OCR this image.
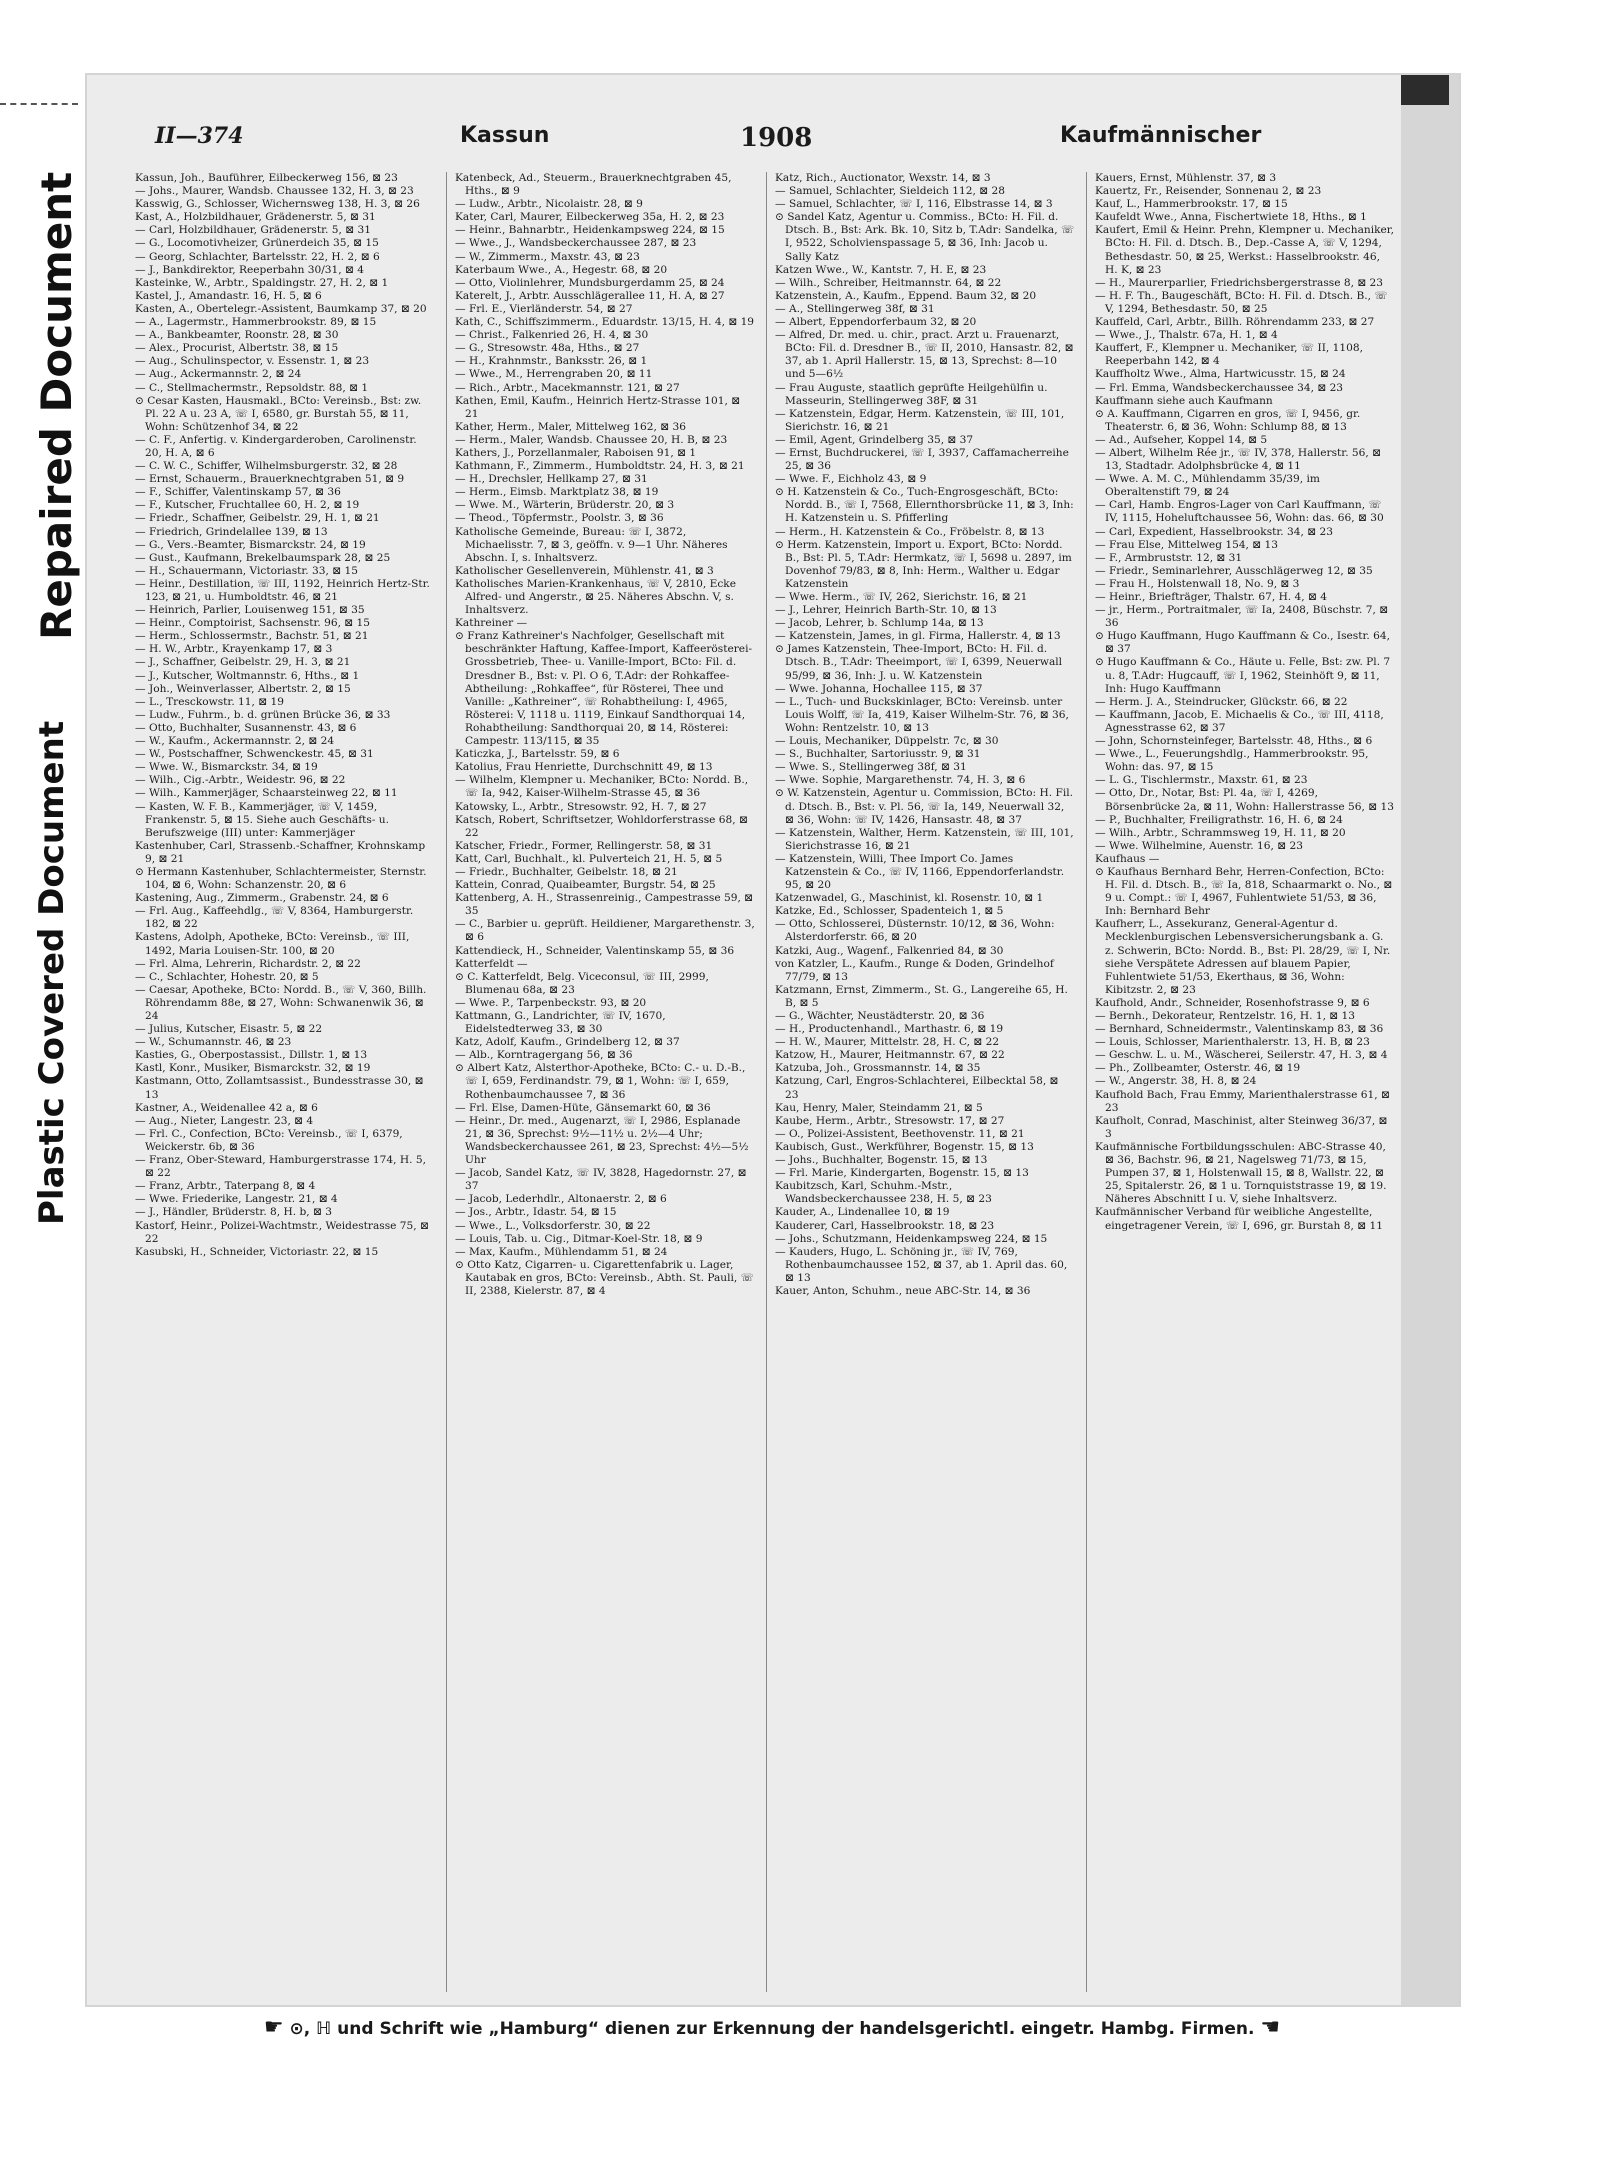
Repaired Document
Plastic Covered Document
II—374	Kassun	1908	Kaufmännischer

Kassun, Joh., Bauführer, Eilbeckerweg 156, ⊠ 23

— Johs., Maurer, Wandsb. Chaussee 132, H. 3, ⊠ 23

Kasswig, G., Schlosser, Wichernsweg 138, H. 3, ⊠ 26

Kast, A., Holzbildhauer, Grädenerstr. 5, ⊠ 31

— Carl, Holzbildhauer, Grädenerstr. 5, ⊠ 31

— G., Locomotivheizer, Grünerdeich 35, ⊠ 15

— Georg, Schlachter, Bartelsstr. 22, H. 2, ⊠ 6

— J., Bankdirektor, Reeperbahn 30/31, ⊠ 4

Kasteinke, W., Arbtr., Spaldingstr. 27, H. 2, ⊠ 1

Kastel, J., Amandastr. 16, H. 5, ⊠ 6

Kasten, A., Obertelegr.-Assistent, Baumkamp 37, ⊠ 20

— A., Lagermstr., Hammerbrookstr. 89, ⊠ 15

— A., Bankbeamter, Roonstr. 28, ⊠ 30

— Alex., Procurist, Albertstr. 38, ⊠ 15

— Aug., Schulinspector, v. Essenstr. 1, ⊠ 23

— Aug., Ackermannstr. 2, ⊠ 24

— C., Stellmachermstr., Repsoldstr. 88, ⊠ 1

⊙ Cesar Kasten, Hausmakl., BCto: Vereinsb., Bst: zw. Pl. 22 A u. 23 A, ☏ I, 6580, gr. Burstah 55, ⊠ 11, Wohn: Schützenhof 34, ⊠ 22

— C. F., Anfertig. v. Kindergarderoben, Carolinenstr. 20, H. A, ⊠ 6

— C. W. C., Schiffer, Wilhelmsburgerstr. 32, ⊠ 28

— Ernst, Schauerm., Brauerknechtgraben 51, ⊠ 9

— F., Schiffer, Valentinskamp 57, ⊠ 36

— F., Kutscher, Fruchtallee 60, H. 2, ⊠ 19

— Friedr., Schaffner, Geibelstr. 29, H. 1, ⊠ 21

— Friedrich, Grindelallee 139, ⊠ 13

— G., Vers.-Beamter, Bismarckstr. 24, ⊠ 19

— Gust., Kaufmann, Brekelbaumspark 28, ⊠ 25

— H., Schauermann, Victoriastr. 33, ⊠ 15

— Heinr., Destillation, ☏ III, 1192, Heinrich Hertz-Str. 123, ⊠ 21, u. Humboldtstr. 46, ⊠ 21

— Heinrich, Parlier, Louisenweg 151, ⊠ 35

— Heinr., Comptoirist, Sachsenstr. 96, ⊠ 15

— Herm., Schlossermstr., Bachstr. 51, ⊠ 21

— H. W., Arbtr., Krayenkamp 17, ⊠ 3

— J., Schaffner, Geibelstr. 29, H. 3, ⊠ 21

— J., Kutscher, Woltmannstr. 6, Hths., ⊠ 1

— Joh., Weinverlasser, Albertstr. 2, ⊠ 15

— L., Tresckowstr. 11, ⊠ 19

— Ludw., Fuhrm., b. d. grünen Brücke 36, ⊠ 33

— Otto, Buchhalter, Susannenstr. 43, ⊠ 6

— W., Kaufm., Ackermannstr. 2, ⊠ 24

— W., Postschaffner, Schwenckestr. 45, ⊠ 31

— Wwe. W., Bismarckstr. 34, ⊠ 19

— Wilh., Cig.-Arbtr., Weidestr. 96, ⊠ 22

— Wilh., Kammerjäger, Schaarsteinweg 22, ⊠ 11

— Kasten, W. F. B., Kammerjäger, ☏ V, 1459, Frankenstr. 5, ⊠ 15. Siehe auch Geschäfts- u. Berufszweige (III) unter: Kammerjäger

Kastenhuber, Carl, Strassenb.-Schaffner, Krohnskamp 9, ⊠ 21

⊙ Hermann Kastenhuber, Schlachtermeister, Sternstr. 104, ⊠ 6, Wohn: Schanzenstr. 20, ⊠ 6

Kastening, Aug., Zimmerm., Grabenstr. 24, ⊠ 6

— Frl. Aug., Kaffeehdlg., ☏ V, 8364, Hamburgerstr. 182, ⊠ 22

Kastens, Adolph, Apotheke, BCto: Vereinsb., ☏ III, 1492, Maria Louisen-Str. 100, ⊠ 20

— Frl. Alma, Lehrerin, Richardstr. 2, ⊠ 22

— C., Schlachter, Hohestr. 20, ⊠ 5

— Caesar, Apotheke, BCto: Nordd. B., ☏ V, 360, Billh. Röhrendamm 88e, ⊠ 27, Wohn: Schwanenwik 36, ⊠ 24

— Julius, Kutscher, Eisastr. 5, ⊠ 22

— W., Schumannstr. 46, ⊠ 23

Kasties, G., Oberpostassist., Dillstr. 1, ⊠ 13

Kastl, Konr., Musiker, Bismarckstr. 32, ⊠ 19

Kastmann, Otto, Zollamtsassist., Bundesstrasse 30, ⊠ 13

Kastner, A., Weidenallee 42 a, ⊠ 6

— Aug., Nieter, Langestr. 23, ⊠ 4

— Frl. C., Confection, BCto: Vereinsb., ☏ I, 6379, Weickerstr. 6b, ⊠ 36

— Franz, Ober-Steward, Hamburgerstrasse 174, H. 5, ⊠ 22

— Franz, Arbtr., Taterpang 8, ⊠ 4

— Wwe. Friederike, Langestr. 21, ⊠ 4

— J., Händler, Brüderstr. 8, H. b, ⊠ 3

Kastorf, Heinr., Polizei-Wachtmstr., Weidestrasse 75, ⊠ 22

Kasubski, H., Schneider, Victoriastr. 22, ⊠ 15

Katenbeck, Ad., Steuerm., Brauerknechtgraben 45, Hths., ⊠ 9

— Ludw., Arbtr., Nicolaistr. 28, ⊠ 9

Kater, Carl, Maurer, Eilbeckerweg 35a, H. 2, ⊠ 23

— Heinr., Bahnarbtr., Heidenkampsweg 224, ⊠ 15

— Wwe., J., Wandsbeckerchaussee 287, ⊠ 23

— W., Zimmerm., Maxstr. 43, ⊠ 23

Katerbaum Wwe., A., Hegestr. 68, ⊠ 20

— Otto, Violinlehrer, Mundsburgerdamm 25, ⊠ 24

Katerelt, J., Arbtr. Ausschlägerallee 11, H. A, ⊠ 27

— Frl. E., Vierländerstr. 54, ⊠ 27

Kath, C., Schiffszimmerm., Eduardstr. 13/15, H. 4, ⊠ 19

— Christ., Falkenried 26, H. 4, ⊠ 30

— G., Stresowstr. 48a, Hths., ⊠ 27

— H., Krahnmstr., Banksstr. 26, ⊠ 1

— Wwe., M., Herrengraben 20, ⊠ 11

— Rich., Arbtr., Macekmannstr. 121, ⊠ 27

Kathen, Emil, Kaufm., Heinrich Hertz-Strasse 101, ⊠ 21

Kather, Herm., Maler, Mittelweg 162, ⊠ 36

— Herm., Maler, Wandsb. Chaussee 20, H. B, ⊠ 23

Kathers, J., Porzellanmaler, Raboisen 91, ⊠ 1

Kathmann, F., Zimmerm., Humboldtstr. 24, H. 3, ⊠ 21

— H., Drechsler, Hellkamp 27, ⊠ 31

— Herm., Eimsb. Marktplatz 38, ⊠ 19

— Wwe. M., Wärterin, Brüderstr. 20, ⊠ 3

— Theod., Töpfermstr., Poolstr. 3, ⊠ 36

Katholische Gemeinde, Bureau: ☏ I, 3872, Michaelisstr. 7, ⊠ 3, geöffn. v. 9—1 Uhr. Näheres Abschn. I, s. Inhaltsverz.

Katholischer Gesellenverein, Mühlenstr. 41, ⊠ 3

Katholisches Marien-Krankenhaus, ☏ V, 2810, Ecke Alfred- und Angerstr., ⊠ 25. Näheres Abschn. V, s. Inhaltsverz.

Kathreiner —

⊙ Franz Kathreiner's Nachfolger, Gesellschaft mit beschränkter Haftung, Kaffee-Import, Kaffeerösterei-Grossbetrieb, Thee- u. Vanille-Import, BCto: Fil. d. Dresdner B., Bst: v. Pl. O 6, T.Adr: der Rohkaffee-Abtheilung: „Rohkaffee“, für Rösterei, Thee und Vanille: „Kathreiner“, ☏ Rohabtheilung: I, 4965, Rösterei: V, 1118 u. 1119, Einkauf Sandthorquai 14, Rohabtheilung: Sandthorquai 20, ⊠ 14, Rösterei: Campestr. 113/115, ⊠ 35

Katiczka, J., Bartelsstr. 59, ⊠ 6

Katolius, Frau Henriette, Durchschnitt 49, ⊠ 13

— Wilhelm, Klempner u. Mechaniker, BCto: Nordd. B., ☏ Ia, 942, Kaiser-Wilhelm-Strasse 45, ⊠ 36

Katowsky, L., Arbtr., Stresowstr. 92, H. 7, ⊠ 27

Katsch, Robert, Schriftsetzer, Wohldorferstrasse 68, ⊠ 22

Katscher, Friedr., Former, Rellingerstr. 58, ⊠ 31

Katt, Carl, Buchhalt., kl. Pulverteich 21, H. 5, ⊠ 5

— Friedr., Buchhalter, Geibelstr. 18, ⊠ 21

Kattein, Conrad, Quaibeamter, Burgstr. 54, ⊠ 25

Kattenberg, A. H., Strassenreinig., Campestrasse 59, ⊠ 35

— C., Barbier u. geprüft. Heildiener, Margarethenstr. 3, ⊠ 6

Kattendieck, H., Schneider, Valentinskamp 55, ⊠ 36

Katterfeldt —

⊙ C. Katterfeldt, Belg. Viceconsul, ☏ III, 2999, Blumenau 68a, ⊠ 23

— Wwe. P., Tarpenbeckstr. 93, ⊠ 20

Kattmann, G., Landrichter, ☏ IV, 1670, Eidelstedterweg 33, ⊠ 30

Katz, Adolf, Kaufm., Grindelberg 12, ⊠ 37

— Alb., Korntragergang 56, ⊠ 36

⊙ Albert Katz, Alsterthor-Apotheke, BCto: C.- u. D.-B., ☏ I, 659, Ferdinandstr. 79, ⊠ 1, Wohn: ☏ I, 659, Rothenbaumchaussee 7, ⊠ 36

— Frl. Else, Damen-Hüte, Gänsemarkt 60, ⊠ 36

— Heinr., Dr. med., Augenarzt, ☏ I, 2986, Esplanade 21, ⊠ 36, Sprechst: 9½—11½ u. 2½—4 Uhr; Wandsbeckerchaussee 261, ⊠ 23, Sprechst: 4½—5½ Uhr

— Jacob, Sandel Katz, ☏ IV, 3828, Hagedornstr. 27, ⊠ 37

— Jacob, Lederhdlr., Altonaerstr. 2, ⊠ 6

— Jos., Arbtr., Idastr. 54, ⊠ 15

— Wwe., L., Volksdorferstr. 30, ⊠ 22

— Louis, Tab. u. Cig., Ditmar-Koel-Str. 18, ⊠ 9

— Max, Kaufm., Mühlendamm 51, ⊠ 24

⊙ Otto Katz, Cigarren- u. Cigarettenfabrik u. Lager, Kautabak en gros, BCto: Vereinsb., Abth. St. Pauli, ☏ II, 2388, Kielerstr. 87, ⊠ 4

Katz, Rich., Auctionator, Wexstr. 14, ⊠ 3

— Samuel, Schlachter, Sieldeich 112, ⊠ 28

— Samuel, Schlachter, ☏ I, 116, Elbstrasse 14, ⊠ 3

⊙ Sandel Katz, Agentur u. Commiss., BCto: H. Fil. d. Dtsch. B., Bst: Ark. Bk. 10, Sitz b, T.Adr: Sandelka, ☏ I, 9522, Scholvienspassage 5, ⊠ 36, Inh: Jacob u. Sally Katz

Katzen Wwe., W., Kantstr. 7, H. E, ⊠ 23

— Wilh., Schreiber, Heitmannstr. 64, ⊠ 22

Katzenstein, A., Kaufm., Eppend. Baum 32, ⊠ 20

— A., Stellingerweg 38f, ⊠ 31

— Albert, Eppendorferbaum 32, ⊠ 20

— Alfred, Dr. med. u. chir., pract. Arzt u. Frauenarzt, BCto: Fil. d. Dresdner B., ☏ II, 2010, Hansastr. 82, ⊠ 37, ab 1. April Hallerstr. 15, ⊠ 13, Sprechst: 8—10 und 5—6½

— Frau Auguste, staatlich geprüfte Heilgehülfin u. Masseurin, Stellingerweg 38F, ⊠ 31

— Katzenstein, Edgar, Herm. Katzenstein, ☏ III, 101, Sierichstr. 16, ⊠ 21

— Emil, Agent, Grindelberg 35, ⊠ 37

— Ernst, Buchdruckerei, ☏ I, 3937, Caffamacherreihe 25, ⊠ 36

— Wwe. F., Eichholz 43, ⊠ 9

⊙ H. Katzenstein & Co., Tuch-Engrosgeschäft, BCto: Nordd. B., ☏ I, 7568, Ellernthorsbrücke 11, ⊠ 3, Inh: H. Katzenstein u. S. Pfifferling

— Herm., H. Katzenstein & Co., Fröbelstr. 8, ⊠ 13

⊙ Herm. Katzenstein, Import u. Export, BCto: Nordd. B., Bst: Pl. 5, T.Adr: Hermkatz, ☏ I, 5698 u. 2897, im Dovenhof 79/83, ⊠ 8, Inh: Herm., Walther u. Edgar Katzenstein

— Wwe. Herm., ☏ IV, 262, Sierichstr. 16, ⊠ 21

— J., Lehrer, Heinrich Barth-Str. 10, ⊠ 13

— Jacob, Lehrer, b. Schlump 14a, ⊠ 13

— Katzenstein, James, in gl. Firma, Hallerstr. 4, ⊠ 13

⊙ James Katzenstein, Thee-Import, BCto: H. Fil. d. Dtsch. B., T.Adr: Theeimport, ☏ I, 6399, Neuerwall 95/99, ⊠ 36, Inh: J. u. W. Katzenstein

— Wwe. Johanna, Hochallee 115, ⊠ 37

— L., Tuch- und Buckskinlager, BCto: Vereinsb. unter Louis Wolff, ☏ Ia, 419, Kaiser Wilhelm-Str. 76, ⊠ 36, Wohn: Rentzelstr. 10, ⊠ 13

— Louis, Mechaniker, Düppelstr. 7c, ⊠ 30

— S., Buchhalter, Sartoriusstr. 9, ⊠ 31

— Wwe. S., Stellingerweg 38f, ⊠ 31

— Wwe. Sophie, Margarethenstr. 74, H. 3, ⊠ 6

⊙ W. Katzenstein, Agentur u. Commission, BCto: H. Fil. d. Dtsch. B., Bst: v. Pl. 56, ☏ Ia, 149, Neuerwall 32, ⊠ 36, Wohn: ☏ IV, 1426, Hansastr. 48, ⊠ 37

— Katzenstein, Walther, Herm. Katzenstein, ☏ III, 101, Sierichstrasse 16, ⊠ 21

— Katzenstein, Willi, Thee Import Co. James Katzenstein & Co., ☏ IV, 1166, Eppendorferlandstr. 95, ⊠ 20

Katzenwadel, G., Maschinist, kl. Rosenstr. 10, ⊠ 1

Katzke, Ed., Schlosser, Spadenteich 1, ⊠ 5

— Otto, Schlosserei, Düsternstr. 10/12, ⊠ 36, Wohn: Alsterdorferstr. 66, ⊠ 20

Katzki, Aug., Wagenf., Falkenried 84, ⊠ 30

von Katzler, L., Kaufm., Runge & Doden, Grindelhof 77/79, ⊠ 13

Katzmann, Ernst, Zimmerm., St. G., Langereihe 65, H. B, ⊠ 5

— G., Wächter, Neustädterstr. 20, ⊠ 36

— H., Productenhandl., Marthastr. 6, ⊠ 19

— H. W., Maurer, Mittelstr. 28, H. C, ⊠ 22

Katzow, H., Maurer, Heitmannstr. 67, ⊠ 22

Katzuba, Joh., Grossmannstr. 14, ⊠ 35

Katzung, Carl, Engros-Schlachterei, Eilbecktal 58, ⊠ 23

Kau, Henry, Maler, Steindamm 21, ⊠ 5

Kaube, Herm., Arbtr., Stresowstr. 17, ⊠ 27

— O., Polizei-Assistent, Beethovenstr. 11, ⊠ 21

Kaubisch, Gust., Werkführer, Bogenstr. 15, ⊠ 13

— Johs., Buchhalter, Bogenstr. 15, ⊠ 13

— Frl. Marie, Kindergarten, Bogenstr. 15, ⊠ 13

Kaubitzsch, Karl, Schuhm.-Mstr., Wandsbeckerchaussee 238, H. 5, ⊠ 23

Kauder, A., Lindenallee 10, ⊠ 19

Kauderer, Carl, Hasselbrookstr. 18, ⊠ 23

— Johs., Schutzmann, Heidenkampsweg 224, ⊠ 15

— Kauders, Hugo, L. Schöning jr., ☏ IV, 769, Rothenbaumchaussee 152, ⊠ 37, ab 1. April das. 60, ⊠ 13

Kauer, Anton, Schuhm., neue ABC-Str. 14, ⊠ 36

Kauers, Ernst, Mühlenstr. 37, ⊠ 3

Kauertz, Fr., Reisender, Sonnenau 2, ⊠ 23

Kauf, L., Hammerbrookstr. 17, ⊠ 15

Kaufeldt Wwe., Anna, Fischertwiete 18, Hths., ⊠ 1

Kaufert, Emil & Heinr. Prehn, Klempner u. Mechaniker, BCto: H. Fil. d. Dtsch. B., Dep.-Casse A, ☏ V, 1294, Bethesdastr. 50, ⊠ 25, Werkst.: Hasselbrookstr. 46, H. K, ⊠ 23

— H., Maurerparlier, Friedrichsbergerstrasse 8, ⊠ 23

— H. F. Th., Baugeschäft, BCto: H. Fil. d. Dtsch. B., ☏ V, 1294, Bethesdastr. 50, ⊠ 25

Kauffeld, Carl, Arbtr., Billh. Röhrendamm 233, ⊠ 27

— Wwe., J., Thalstr. 67a, H. 1, ⊠ 4

Kauffert, F., Klempner u. Mechaniker, ☏ II, 1108, Reeperbahn 142, ⊠ 4

Kauffholtz Wwe., Alma, Hartwicusstr. 15, ⊠ 24

— Frl. Emma, Wandsbeckerchaussee 34, ⊠ 23

Kauffmann siehe auch Kaufmann

⊙ A. Kauffmann, Cigarren en gros, ☏ I, 9456, gr. Theaterstr. 6, ⊠ 36, Wohn: Schlump 88, ⊠ 13

— Ad., Aufseher, Koppel 14, ⊠ 5

— Albert, Wilhelm Rée jr., ☏ IV, 378, Hallerstr. 56, ⊠ 13, Stadtadr. Adolphsbrücke 4, ⊠ 11

— Wwe. A. M. C., Mühlendamm 35/39, im Oberaltenstift 79, ⊠ 24

— Carl, Hamb. Engros-Lager von Carl Kauffmann, ☏ IV, 1115, Hoheluftchaussee 56, Wohn: das. 66, ⊠ 30

— Carl, Expedient, Hasselbrookstr. 34, ⊠ 23

— Frau Else, Mittelweg 154, ⊠ 13

— F., Armbruststr. 12, ⊠ 31

— Friedr., Seminarlehrer, Ausschlägerweg 12, ⊠ 35

— Frau H., Holstenwall 18, No. 9, ⊠ 3

— Heinr., Briefträger, Thalstr. 67, H. 4, ⊠ 4

— jr., Herm., Portraitmaler, ☏ Ia, 2408, Büschstr. 7, ⊠ 36

⊙ Hugo Kauffmann, Hugo Kauffmann & Co., Isestr. 64, ⊠ 37

⊙ Hugo Kauffmann & Co., Häute u. Felle, Bst: zw. Pl. 7 u. 8, T.Adr: Hugcauff, ☏ I, 1962, Steinhöft 9, ⊠ 11, Inh: Hugo Kauffmann

— Herm. J. A., Steindrucker, Glückstr. 66, ⊠ 22

— Kauffmann, Jacob, E. Michaelis & Co., ☏ III, 4118, Agnesstrasse 62, ⊠ 37

— John, Schornsteinfeger, Bartelsstr. 48, Hths., ⊠ 6

— Wwe., L., Feuerungshdlg., Hammerbrookstr. 95, Wohn: das. 97, ⊠ 15

— L. G., Tischlermstr., Maxstr. 61, ⊠ 23

— Otto, Dr., Notar, Bst: Pl. 4a, ☏ I, 4269, Börsenbrücke 2a, ⊠ 11, Wohn: Hallerstrasse 56, ⊠ 13

— P., Buchhalter, Freiligrathstr. 16, H. 6, ⊠ 24

— Wilh., Arbtr., Schrammsweg 19, H. 11, ⊠ 20

— Wwe. Wilhelmine, Auenstr. 16, ⊠ 23

Kaufhaus —

⊙ Kaufhaus Bernhard Behr, Herren-Confection, BCto: H. Fil. d. Dtsch. B., ☏ Ia, 818, Schaarmarkt o. No., ⊠ 9 u. Compt.: ☏ I, 4967, Fuhlentwiete 51/53, ⊠ 36, Inh: Bernhard Behr

Kaufherr, L., Assekuranz, General-Agentur d. Mecklenburgischen Lebensversicherungsbank a. G. z. Schwerin, BCto: Nordd. B., Bst: Pl. 28/29, ☏ I, Nr. siehe Verspätete Adressen auf blauem Papier, Fuhlentwiete 51/53, Ekerthaus, ⊠ 36, Wohn: Kibitzstr. 2, ⊠ 23

Kaufhold, Andr., Schneider, Rosenhofstrasse 9, ⊠ 6

— Bernh., Dekorateur, Rentzelstr. 16, H. 1, ⊠ 13

— Bernhard, Schneidermstr., Valentinskamp 83, ⊠ 36

— Louis, Schlosser, Marienthalerstr. 13, H. B, ⊠ 23

— Geschw. L. u. M., Wäscherei, Seilerstr. 47, H. 3, ⊠ 4

— Ph., Zollbeamter, Osterstr. 46, ⊠ 19

— W., Angerstr. 38, H. 8, ⊠ 24

Kaufhold Bach, Frau Emmy, Marienthalerstrasse 61, ⊠ 23

Kaufholt, Conrad, Maschinist, alter Steinweg 36/37, ⊠ 3

Kaufmännische Fortbildungsschulen: ABC-Strasse 40, ⊠ 36, Bachstr. 96, ⊠ 21, Nagelsweg 71/73, ⊠ 15, Pumpen 37, ⊠ 1, Holstenwall 15, ⊠ 8, Wallstr. 22, ⊠ 25, Spitalerstr. 26, ⊠ 1 u. Tornquiststrasse 19, ⊠ 19. Näheres Abschnitt I u. V, siehe Inhaltsverz.

Kaufmännischer Verband für weibliche Angestellte, eingetragener Verein, ☏ I, 696, gr. Burstah 8, ⊠ 11

☛ ⊙, ℍ und Schrift wie „Hamburg“ dienen zur Erkennung der handelsgerichtl. eingetr. Hambg. Firmen. ☚
